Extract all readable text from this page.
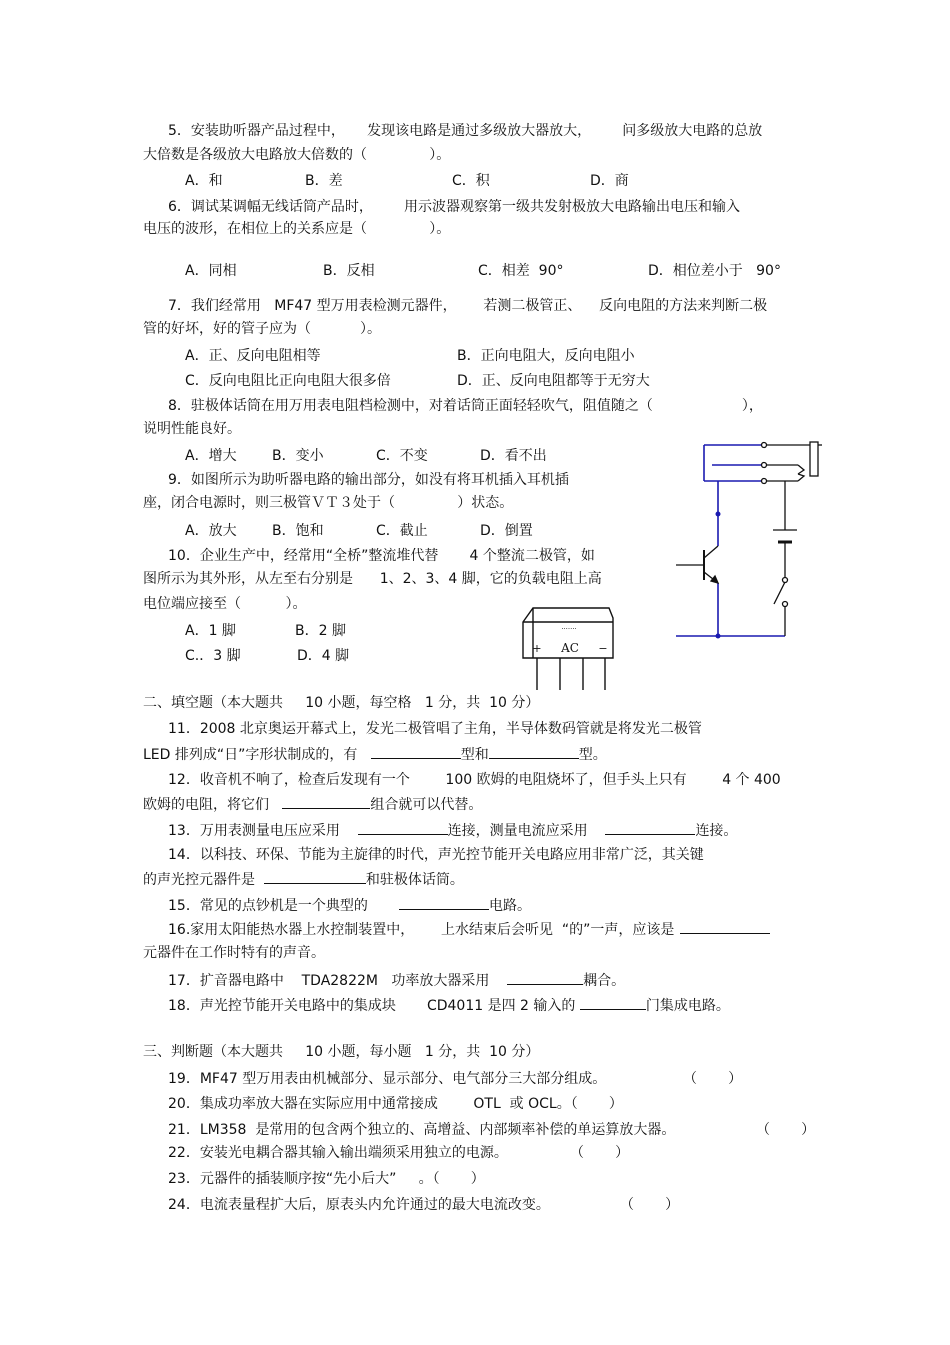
5．安装助听器产品过程中，     发现该电路是通过多级放大器放大，       问多级放大电路的总放
大倍数是各级放大电路放大倍数的（              ）。
A．和	B．差	C．积	D．商
6．调试某调幅无线话筒产品时，       用示波器观察第一级共发射极放大电路输出电压和输入
电压的波形，在相位上的关系应是（              ）。
A．同相	B．反相	C．相差  90°	D．相位差小于   90°
7．我们经常用   MF47 型万用表检测元器件，      若测二极管正、    反向电阻的方法来判断二极
管的好坏，好的管子应为（           ）。
A．正、反向电阻相等	B．正向电阻大，反向电阻小
C．反向电阻比正向电阻大很多倍	D．正、反向电阻都等于无穷大
8．驻极体话筒在用万用表电阻档检测中，对着话筒正面轻轻吹气，阻值随之（                    ），
说明性能良好。
A．增大	B．变小	C．不变	D．看不出
9．如图所示为助听器电路的输出部分，如没有将耳机插入耳机插
座，闭合电源时，则三极管ＶＴ３处于（              ）状态。
A．放大	B．饱和	C．截止	D．倒置
10．企业生产中，经常用“全桥”整流堆代替       4 个整流二极管，如
图所示为其外形，从左至右分别是      1、2、3、4 脚，它的负载电阻上高
电位端应接至（          ）。
A．1 脚	B．2 脚
C.．3 脚	D．4 脚
·······
+ AC −
二、填空题（本大题共     10 小题，每空格   1 分，共  10 分）
11．2008 北京奥运开幕式上，发光二极管唱了主角，半导体数码管就是将发光二极管
LED 排列成“日”字形状制成的，有	型和	型。
12．收音机不响了，检查后发现有一个        100 欧姆的电阻烧坏了，但手头上只有        4 个 400
欧姆的电阻，将它们	组合就可以代替。
13．万用表测量电压应采用	连接，测量电流应采用	连接。
14．以科技、环保、节能为主旋律的时代，声光控节能开关电路应用非常广泛，其关键
的声光控元器件是	和驻极体话筒。
15．常见的点钞机是一个典型的	电路。
16.家用太阳能热水器上水控制装置中，      上水结束后会听见  “的”一声，应该是
元器件在工作时特有的声音。
17．扩音器电路中    TDA2822M   功率放大器采用	耦合。
18．声光控节能开关电路中的集成块       CD4011 是四 2 输入的	门集成电路。
三、判断题（本大题共     10 小题，每小题   1 分，共  10 分）
19．MF47 型万用表由机械部分、显示部分、电气部分三大部分组成。	（       ）
20．集成功率放大器在实际应用中通常接成        OTL  或 OCL。（       ）
21．LM358  是常用的包含两个独立的、高增益、内部频率补偿的单运算放大器。	（       ）
22．安装光电耦合器其输入输出端须采用独立的电源。	（       ）
23．元器件的插装顺序按“先小后大”     。（       ）
24．电流表量程扩大后，原表头内允许通过的最大电流改变。	（       ）
